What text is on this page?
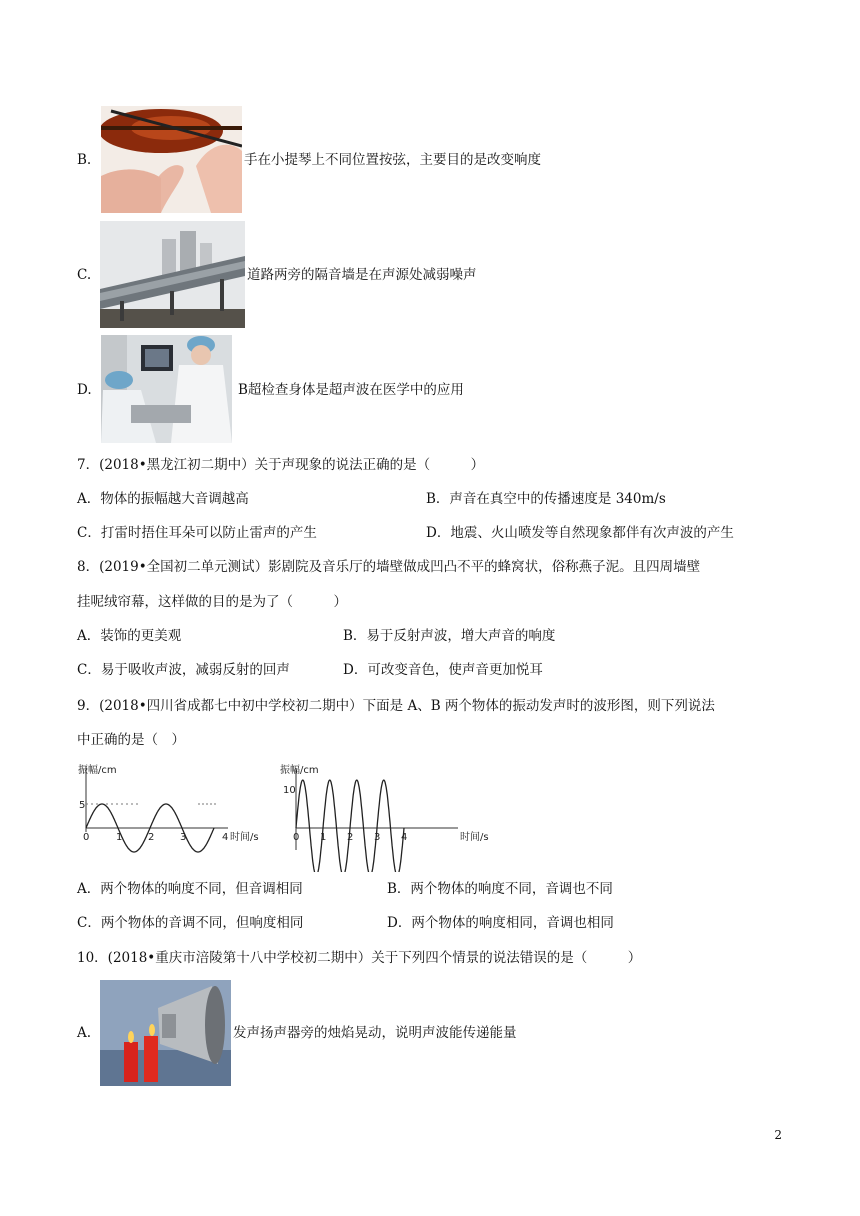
B.	手在小提琴上不同位置按弦，主要目的是改变响度
C.	道路两旁的隔音墙是在声源处减弱噪声
D.	B超检查身体是超声波在医学中的应用
7．(2018•黑龙江初二期中）关于声现象的说法正确的是（　　　）
A．物体的振幅越大音调越高	B．声音在真空中的传播速度是 340m/s
C．打雷时捂住耳朵可以防止雷声的产生	D．地震、火山喷发等自然现象都伴有次声波的产生
8．(2019•全国初二单元测试）影剧院及音乐厅的墙壁做成凹凸不平的蜂窝状，俗称燕子泥。且四周墙壁
挂呢绒帘幕，这样做的目的是为了（　　　）
A．装饰的更美观	B．易于反射声波，增大声音的响度
C．易于吸收声波，减弱反射的回声	D．可改变音色，使声音更加悦耳
9．(2018•四川省成都七中初中学校初二期中）下面是 A、B 两个物体的振动发声时的波形图，则下列说法
中正确的是（　）
振幅/cm
5
0	1	2	3	4 时间/s
振幅/cm
10
0 1 2 3 4	时间/s
A．两个物体的响度不同，但音调相同	B．两个物体的响度不同，音调也不同
C．两个物体的音调不同，但响度相同	D．两个物体的响度相同，音调也相同
10．(2018•重庆市涪陵第十八中学校初二期中）关于下列四个情景的说法错误的是（　　　）
A.	发声扬声器旁的烛焰晃动，说明声波能传递能量
2
